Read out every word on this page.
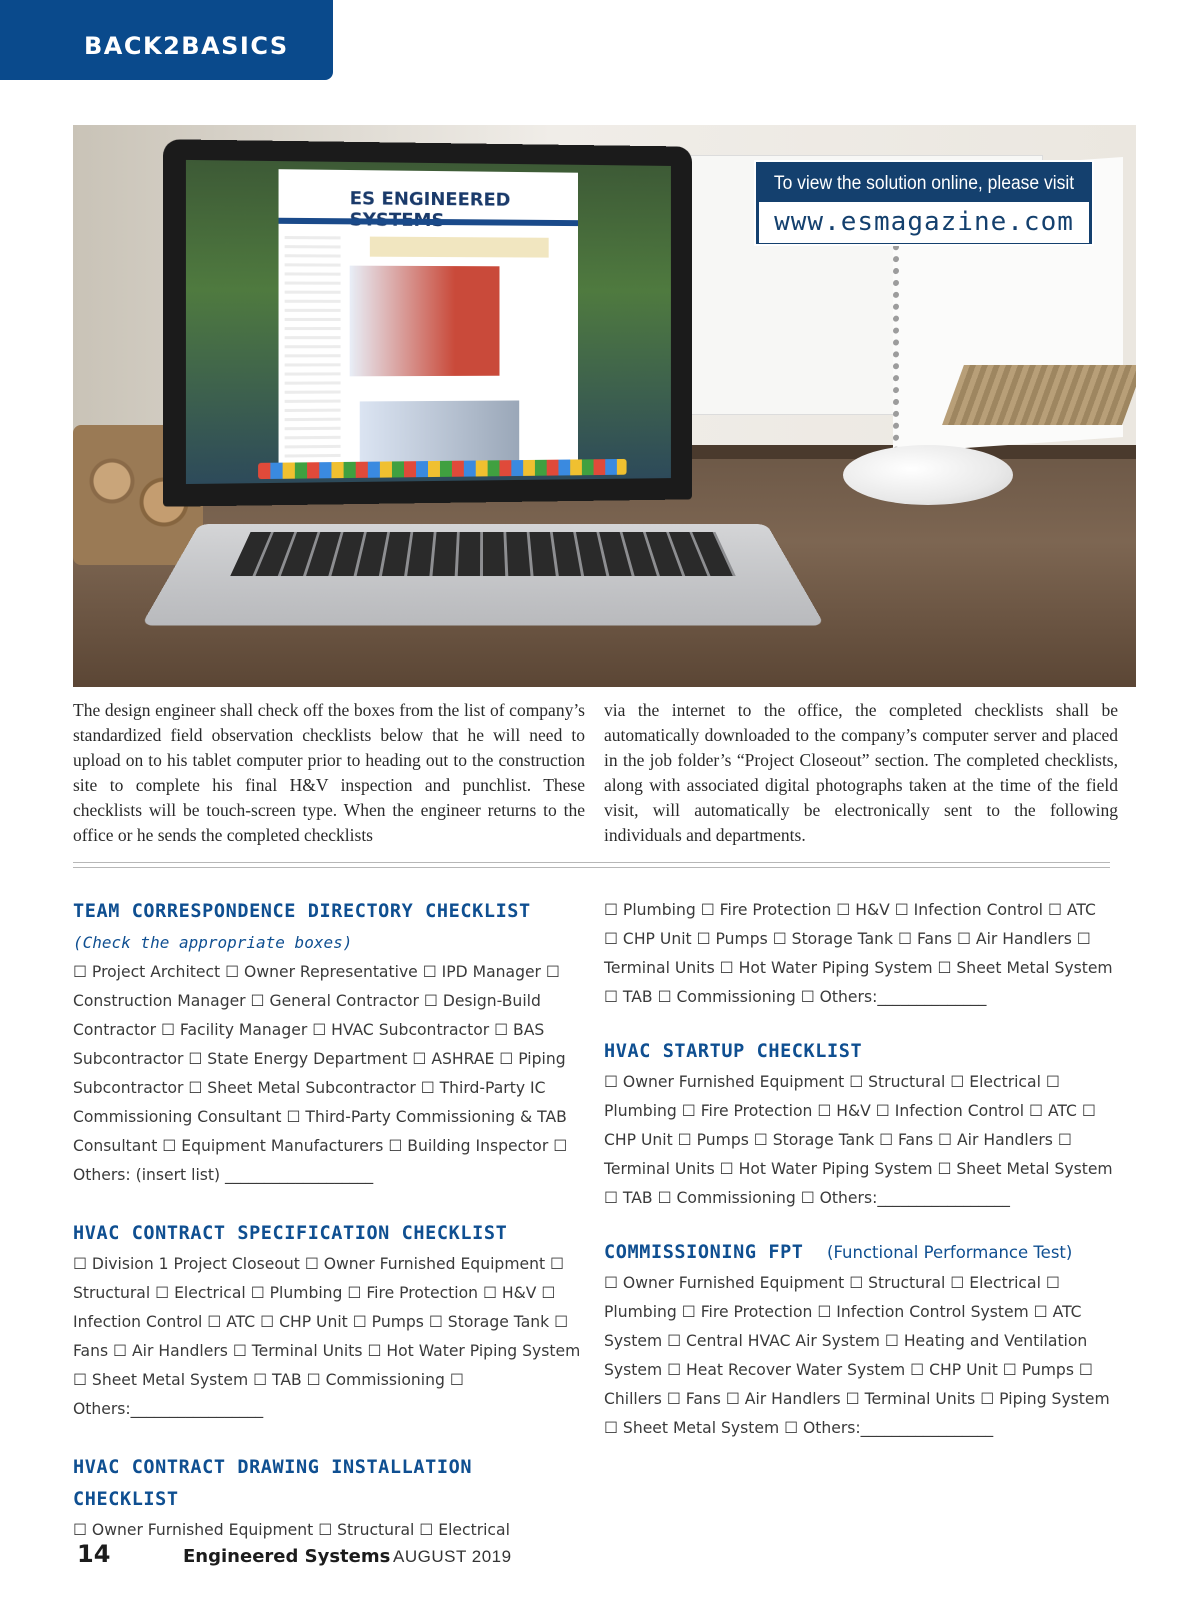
BACK2BASICS
ES ENGINEERED
To view the solution online, please visit
www.esmagazine.com
The design engineer shall check off the boxes from the list of company’s standardized field observation checklists below that he will need to upload on to his tablet computer prior to heading out to the construction site to complete his final H&V inspection and punchlist. These checklists will be touch-screen type. When the engineer returns to the office or he sends the completed checklists
via the internet to the office, the completed checklists shall be automatically downloaded to the company’s computer server and placed in the job folder’s “Project Closeout” section. The completed checklists, along with associated digital photographs taken at the time of the field visit, will automatically be electronically sent to the following individuals and departments.
TEAM CORRESPONDENCE DIRECTORY CHECKLIST
(Check the appropriate boxes)
☐ Project Architect ☐ Owner Representative ☐ IPD Manager ☐ Construction Manager ☐ General Contractor ☐ Design-Build Contractor ☐ Facility Manager ☐ HVAC Subcontractor ☐ BAS Subcontractor ☐ State Energy Department ☐ ASHRAE ☐ Piping Subcontractor ☐ Sheet Metal Subcontractor ☐ Third-Party IC Commissioning Consultant ☐ Third-Party Commissioning & TAB Consultant ☐ Equipment Manufacturers ☐ Building Inspector ☐ Others: (insert list) ___________________
HVAC CONTRACT SPECIFICATION CHECKLIST
☐ Division 1 Project Closeout ☐ Owner Furnished Equipment ☐ Structural ☐ Electrical ☐ Plumbing ☐ Fire Protection ☐ H&V ☐ Infection Control ☐ ATC ☐ CHP Unit ☐ Pumps ☐ Storage Tank ☐ Fans ☐ Air Handlers ☐ Terminal Units ☐ Hot Water Piping System ☐ Sheet Metal System ☐ TAB ☐ Commissioning ☐ Others:_________________
HVAC CONTRACT DRAWING INSTALLATION CHECKLIST
☐ Owner Furnished Equipment ☐ Structural ☐ Electrical
☐ Plumbing ☐ Fire Protection ☐ H&V ☐ Infection Control ☐ ATC ☐ CHP Unit ☐ Pumps ☐ Storage Tank ☐ Fans ☐ Air Handlers ☐ Terminal Units ☐ Hot Water Piping System ☐ Sheet Metal System ☐ TAB ☐ Commissioning ☐ Others:______________
HVAC STARTUP CHECKLIST
☐ Owner Furnished Equipment ☐ Structural ☐ Electrical ☐ Plumbing ☐ Fire Protection ☐ H&V ☐ Infection Control ☐ ATC ☐ CHP Unit ☐ Pumps ☐ Storage Tank ☐ Fans ☐ Air Handlers ☐ Terminal Units ☐ Hot Water Piping System ☐ Sheet Metal System ☐ TAB ☐ Commissioning ☐ Others:_________________
COMMISSIONING FPT (Functional Performance Test)
☐ Owner Furnished Equipment ☐ Structural ☐ Electrical ☐ Plumbing ☐ Fire Protection ☐ Infection Control System ☐ ATC System ☐ Central HVAC Air System ☐ Heating and Ventilation System ☐ Heat Recover Water System ☐ CHP Unit ☐ Pumps ☐ Chillers ☐ Fans ☐ Air Handlers ☐ Terminal Units ☐ Piping System ☐ Sheet Metal System ☐ Others:_________________
14	Engineered Systems AUGUST 2019
